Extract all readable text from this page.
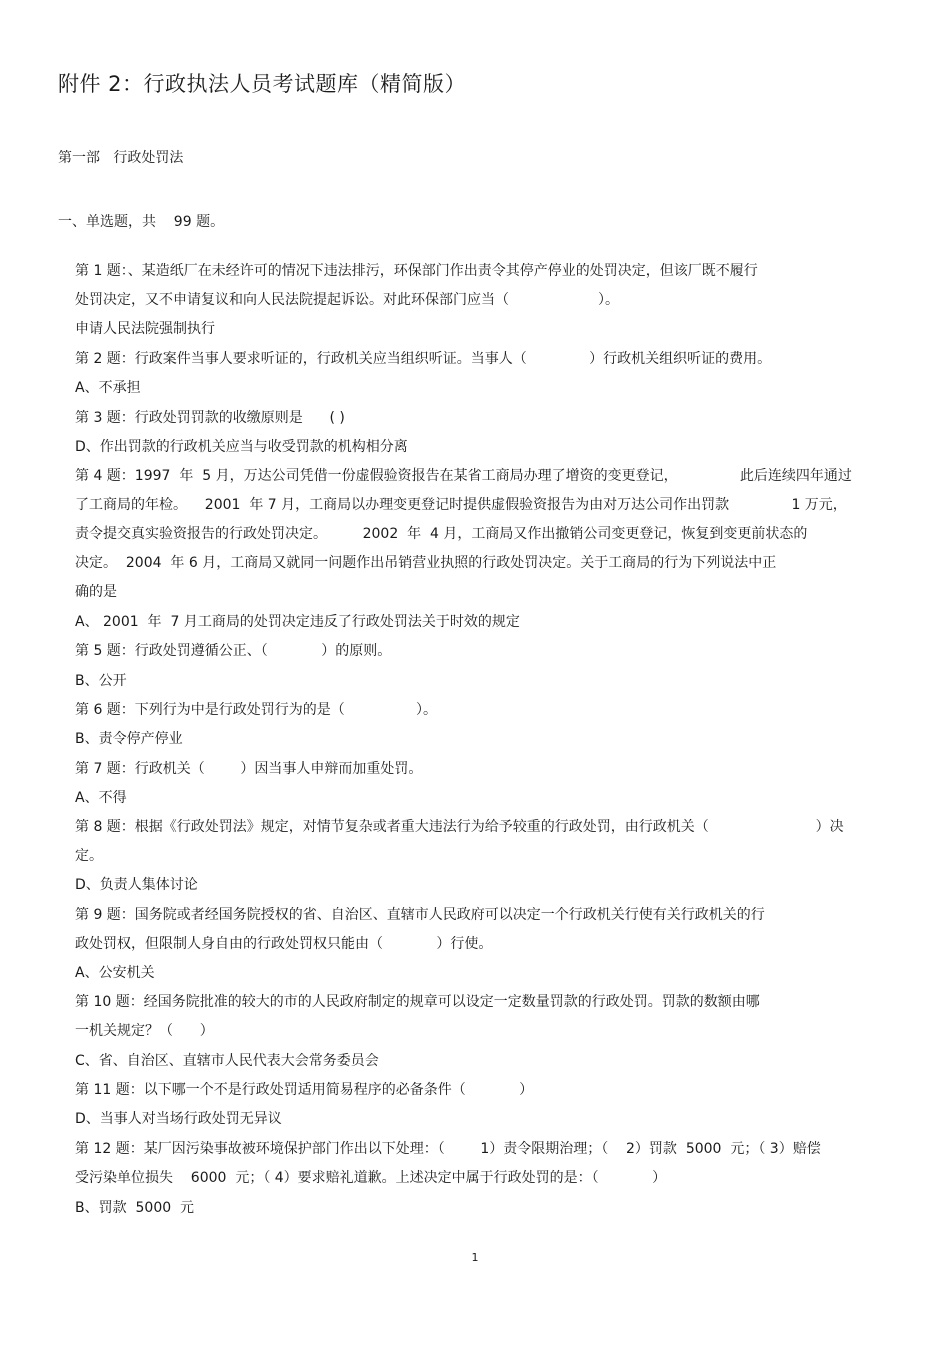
附件 2：行政执法人员考试题库（精简版）
第一部   行政处罚法
一、单选题，共    99 题。
第 1 题：、某造纸厂在未经许可的情况下违法排污，环保部门作出责令其停产停业的处罚决定，但该厂既不履行
处罚决定，又不申请复议和向人民法院提起诉讼。对此环保部门应当（                    ）。
申请人民法院强制执行
第 2 题：行政案件当事人要求听证的，行政机关应当组织听证。当事人（              ）行政机关组织听证的费用。
A、不承担
第 3 题：行政处罚罚款的收缴原则是      ( )
D、作出罚款的行政机关应当与收受罚款的机构相分离
第 4 题：1997  年  5 月，万达公司凭借一份虚假验资报告在某省工商局办理了增资的变更登记，              此后连续四年通过
了工商局的年检。    2001  年 7 月，工商局以办理变更登记时提供虚假验资报告为由对万达公司作出罚款              1 万元，
责令提交真实验资报告的行政处罚决定。        2002  年  4 月，工商局又作出撤销公司变更登记，恢复到变更前状态的
决定。  2004  年 6 月，工商局又就同一问题作出吊销营业执照的行政处罚决定。关于工商局的行为下列说法中正
确的是
A、 2001  年  7 月工商局的处罚决定违反了行政处罚法关于时效的规定
第 5 题：行政处罚遵循公正、（            ）的原则。
B、公开
第 6 题：下列行为中是行政处罚行为的是（                ）。
B、责令停产停业
第 7 题：行政机关（        ）因当事人申辩而加重处罚。
A、不得
第 8 题：根据《行政处罚法》规定，对情节复杂或者重大违法行为给予较重的行政处罚，由行政机关（                        ）决
定。
D、负责人集体讨论
第 9 题：国务院或者经国务院授权的省、自治区、直辖市人民政府可以决定一个行政机关行使有关行政机关的行
政处罚权，但限制人身自由的行政处罚权只能由（            ）行使。
A、公安机关
第 10 题：经国务院批准的较大的市的人民政府制定的规章可以设定一定数量罚款的行政处罚。罚款的数额由哪
一机关规定？（      ）
C、省、自治区、直辖市人民代表大会常务委员会
第 11 题：以下哪一个不是行政处罚适用简易程序的必备条件（            ）
D、当事人对当场行政处罚无异议
第 12 题：某厂因污染事故被环境保护部门作出以下处理：（        1）责令限期治理；（    2）罚款  5000  元；（ 3）赔偿
受污染单位损失    6000  元；（ 4）要求赔礼道歉。上述决定中属于行政处罚的是：（            ）
B、罚款  5000  元
1
